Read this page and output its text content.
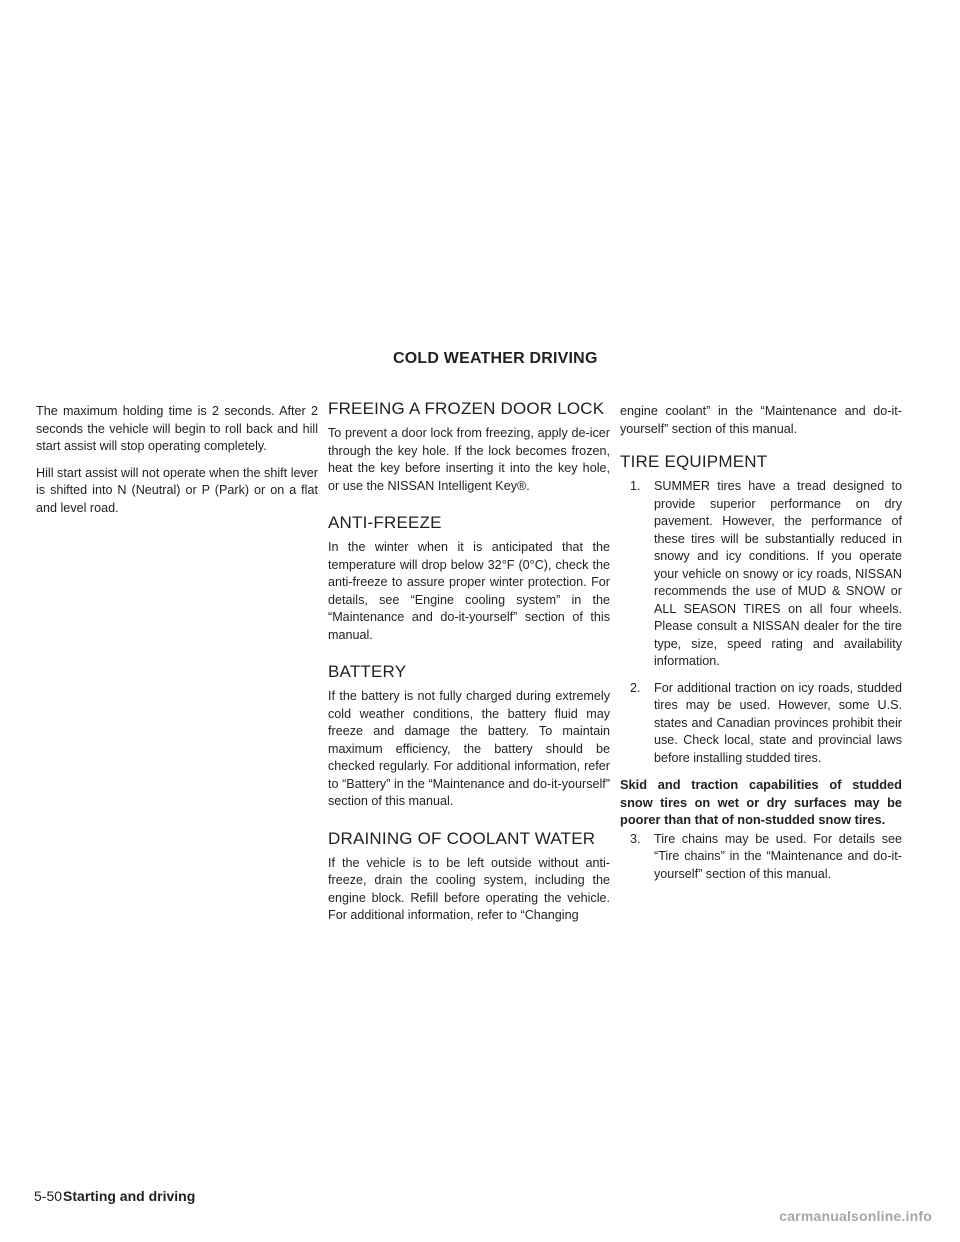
COLD WEATHER DRIVING

The maximum holding time is 2 seconds. After 2 seconds the vehicle will begin to roll back and hill start assist will stop operating completely.

Hill start assist will not operate when the shift lever is shifted into N (Neutral) or P (Park) or on a flat and level road.

FREEING A FROZEN DOOR LOCK

To prevent a door lock from freezing, apply de-icer through the key hole. If the lock becomes frozen, heat the key before inserting it into the key hole, or use the NISSAN Intelligent Key®.

ANTI-FREEZE

In the winter when it is anticipated that the temperature will drop below 32°F (0°C), check the anti-freeze to assure proper winter protection. For details, see “Engine cooling system” in the “Maintenance and do-it-yourself” section of this manual.

BATTERY

If the battery is not fully charged during extremely cold weather conditions, the battery fluid may freeze and damage the battery. To maintain maximum efficiency, the battery should be checked regularly. For additional information, refer to “Battery” in the “Maintenance and do-it-yourself” section of this manual.

DRAINING OF COOLANT WATER

If the vehicle is to be left outside without anti-freeze, drain the cooling system, including the engine block. Refill before operating the vehicle. For additional information, refer to “Changing

engine coolant” in the “Maintenance and do-it-yourself” section of this manual.

TIRE EQUIPMENT
1. SUMMER tires have a tread designed to provide superior performance on dry pavement. However, the performance of these tires will be substantially reduced in snowy and icy conditions. If you operate your vehicle on snowy or icy roads, NISSAN recommends the use of MUD & SNOW or ALL SEASON TIRES on all four wheels. Please consult a NISSAN dealer for the tire type, size, speed rating and availability information.
2. For additional traction on icy roads, studded tires may be used. However, some U.S. states and Canadian provinces prohibit their use. Check local, state and provincial laws before installing studded tires.

Skid and traction capabilities of studded snow tires on wet or dry surfaces may be poorer than that of non-studded snow tires.

3. Tire chains may be used. For details see “Tire chains” in the “Maintenance and do-it-yourself” section of this manual.
5-50Starting and driving
carmanualsonline.info
